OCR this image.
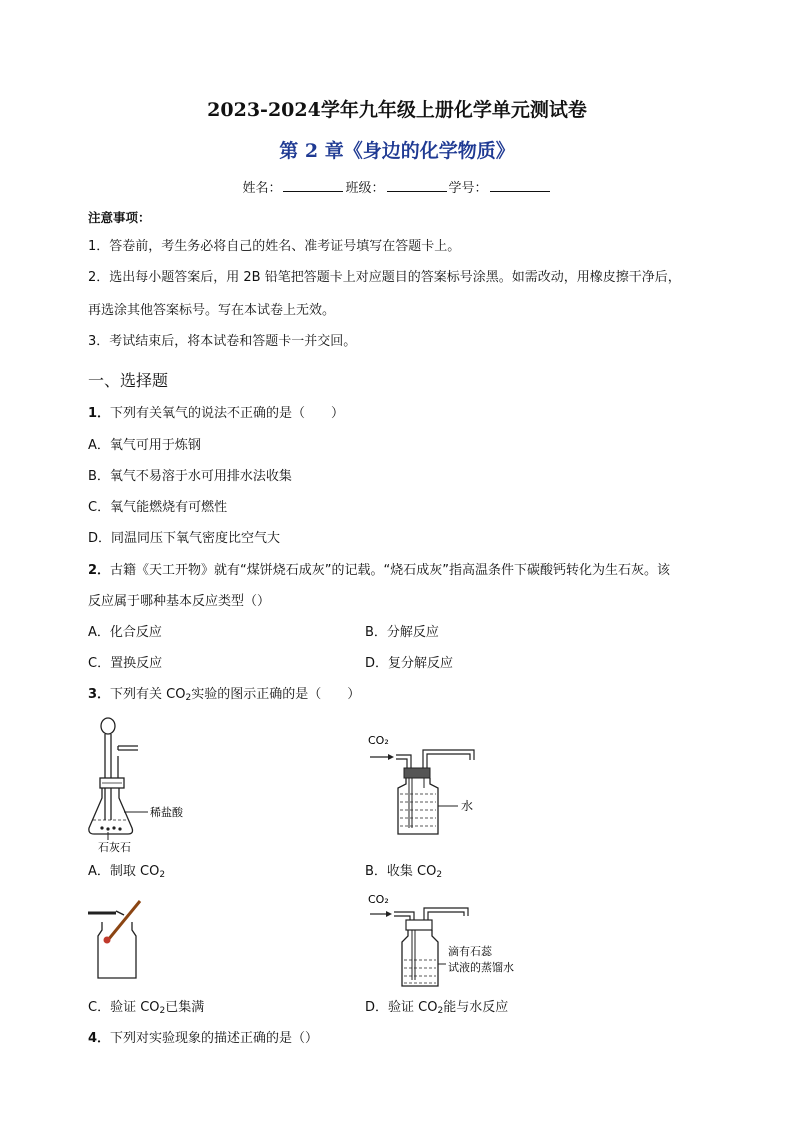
2023-2024学年九年级上册化学单元测试卷
第 2 章《身边的化学物质》
姓名：	班级：	学号：
注意事项：
1．答卷前，考生务必将自己的姓名、准考证号填写在答题卡上。
2．选出每小题答案后，用 2B 铅笔把答题卡上对应题目的答案标号涂黑。如需改动，用橡皮擦干净后，
再选涂其他答案标号。写在本试卷上无效。
3．考试结束后，将本试卷和答题卡一并交回。
一、选择题
1．下列有关氧气的说法不正确的是（　　）
A．氧气可用于炼钢
B．氧气不易溶于水可用排水法收集
C．氧气能燃烧有可燃性
D．同温同压下氧气密度比空气大
2．古籍《天工开物》就有“煤饼烧石成灰”的记载。“烧石成灰”指高温条件下碳酸钙转化为生石灰。该
反应属于哪种基本反应类型（）
A．化合反应	B．分解反应
C．置换反应	D．复分解反应
3．下列有关 $CO_2$实验的图示正确的是（　　）
稀盐酸
石灰石
CO₂
水
A．制取 $CO_2$	B．收集 $CO_2$
CO₂
滴有石蕊
试液的蒸馏水
C．验证 $CO_2$已集满	D．验证 $CO_2$能与水反应
4．下列对实验现象的描述正确的是（）
